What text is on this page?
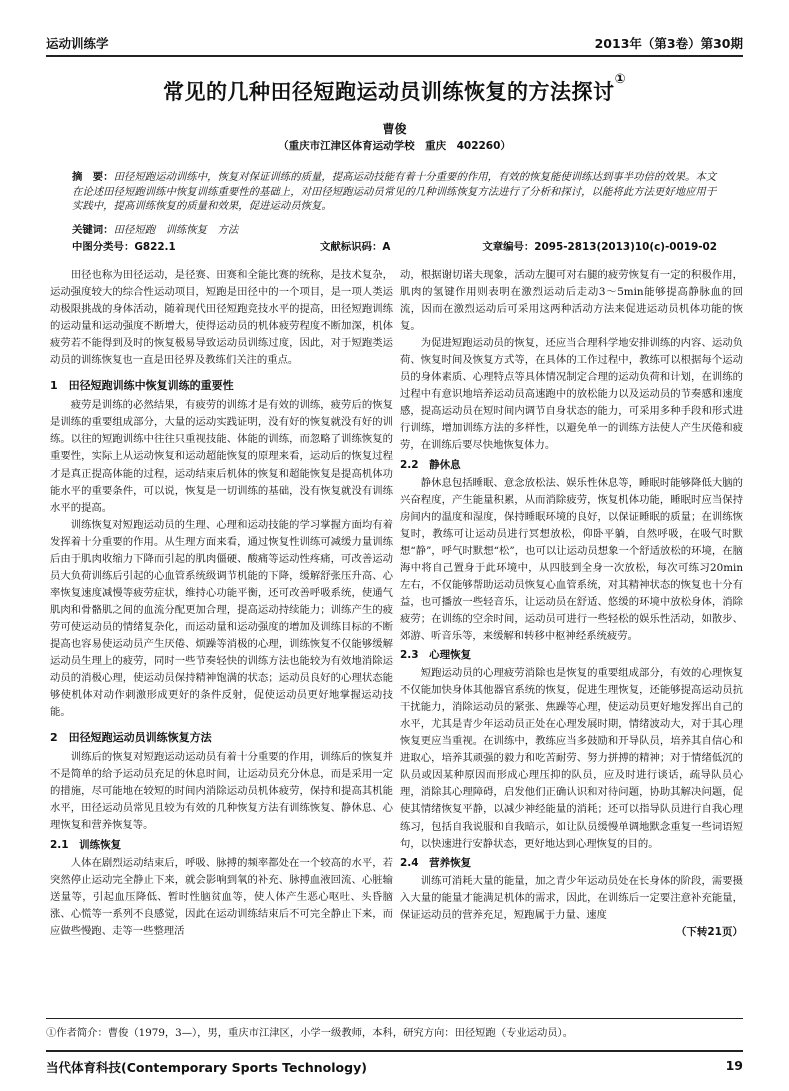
运动训练学	2013年（第3卷）第30期
常见的几种田径短跑运动员训练恢复的方法探讨①
曹俊
（重庆市江津区体育运动学校　重庆　402260）
摘　要：田径短跑运动训练中，恢复对保证训练的质量，提高运动技能有着十分重要的作用，有效的恢复能使训练达到事半功倍的效果。本文在论述田径短跑训练中恢复训练重要性的基础上，对田径短跑运动员常见的几种训练恢复方法进行了分析和探讨，以能将此方法更好地应用于实践中，提高训练恢复的质量和效果，促进运动员恢复。
关键词：田径短跑　训练恢复　方法
中图分类号：G822.1	文献标识码：A	文章编号：2095-2813(2013)10(c)-0019-02

田径也称为田径运动，是径赛、田赛和全能比赛的统称，是技术复杂，运动强度较大的综合性运动项目，短跑是田径中的一个项目，是一项人类运动极限挑战的身体活动，随着现代田径短跑竞技水平的提高，田径短跑训练的运动量和运动强度不断增大，使得运动员的机体疲劳程度不断加深，机体疲劳若不能得到及时的恢复极易导致运动员训练过度，因此，对于短跑类运动员的训练恢复也一直是田径界及教练们关注的重点。

1　田径短跑训练中恢复训练的重要性

疲劳是训练的必然结果，有疲劳的训练才是有效的训练，疲劳后的恢复是训练的重要组成部分，大量的运动实践证明，没有好的恢复就没有好的训练。以往的短跑训练中往往只重视技能、体能的训练，而忽略了训练恢复的重要性，实际上从运动恢复和运动超能恢复的原理来看，运动后的恢复过程才是真正提高体能的过程，运动结束后机体的恢复和超能恢复是提高机体功能水平的重要条件，可以说，恢复是一切训练的基础，没有恢复就没有训练水平的提高。

训练恢复对短跑运动员的生理、心理和运动技能的学习掌握方面均有着发挥着十分重要的作用。从生理方面来看，通过恢复性训练可减缓力量训练后由于肌肉收缩力下降而引起的肌肉僵硬、酸痛等运动性疼痛，可改善运动员大负荷训练后引起的心血管系统级调节机能的下降，缓解舒张压升高、心率恢复速度减慢等疲劳症状，维持心功能平衡，还可改善呼吸系统，使通气肌肉和骨骼肌之间的血流分配更加合理，提高运动持续能力；训练产生的疲劳可使运动员的情绪复杂化，而运动量和运动强度的增加及训练目标的不断提高也容易使运动员产生厌倦、烦躁等消极的心理，训练恢复不仅能够缓解运动员生理上的疲劳，同时一些节奏轻快的训练方法也能较为有效地消除运动员的消极心理，使运动员保持精神饱满的状态；运动员良好的心理状态能够使机体对动作刺激形成更好的条件反射，促使运动员更好地掌握运动技能。

2　田径短跑运动员训练恢复方法

训练后的恢复对短跑运动运动员有着十分重要的作用，训练后的恢复并不是简单的给予运动员充足的休息时间，让运动员充分休息，而是采用一定的措施，尽可能地在较短的时间内消除运动员机体疲劳，保持和提高其机能水平，田径运动员常见且较为有效的几种恢复方法有训练恢复、静休息、心理恢复和营养恢复等。

2.1　训练恢复

人体在剧烈运动结束后，呼吸、脉搏的频率都处在一个较高的水平，若突然停止运动完全静止下来，就会影响到氧的补充、脉搏血液回流、心脏输送量等，引起血压降低、暂时性脑贫血等，使人体产生恶心呕吐、头昏脑涨、心慌等一系列不良感觉，因此在运动训练结束后不可完全静止下来，而应做些慢跑、走等一些整理活

动，根据谢切诺夫现象，活动左腿可对右腿的疲劳恢复有一定的积极作用，肌肉的氢键作用则表明在激烈运动后走动3～5min能够提高静脉血的回流，因而在激烈运动后可采用这两种活动方法来促进运动员机体功能的恢复。

为促进短跑运动员的恢复，还应当合理科学地安排训练的内容、运动负荷、恢复时间及恢复方式等，在具体的工作过程中，教练可以根据每个运动员的身体素质、心理特点等具体情况制定合理的运动负荷和计划，在训练的过程中有意识地培养运动员高速跑中的放松能力以及运动员的节奏感和速度感，提高运动员在短时间内调节自身状态的能力，可采用多种手段和形式进行训练，增加训练方法的多样性，以避免单一的训练方法使人产生厌倦和疲劳，在训练后要尽快地恢复体力。

2.2　静休息

静休息包括睡眠、意念放松法、娱乐性休息等，睡眠时能够降低大脑的兴奋程度，产生能量积累，从而消除疲劳，恢复机体功能，睡眠时应当保持房间内的温度和湿度，保持睡眠环境的良好，以保证睡眠的质量；在训练恢复时，教练可让运动员进行冥想放松，仰卧平躺，自然呼吸，在吸气时默想“静”，呼气时默想“松”，也可以让运动员想象一个舒适放松的环境，在脑海中将自己置身于此环境中，从四肢到全身一次放松，每次可练习20min左右，不仅能够帮助运动员恢复心血管系统，对其精神状态的恢复也十分有益，也可播放一些轻音乐，让运动员在舒适、悠缓的环境中放松身体，消除疲劳；在训练的空余时间，运动员可进行一些轻松的娱乐性活动，如散步、郊游、听音乐等，来缓解和转移中枢神经系统疲劳。

2.3　心理恢复

短跑运动员的心理疲劳消除也是恢复的重要组成部分，有效的心理恢复不仅能加快身体其他器官系统的恢复，促进生理恢复，还能够提高运动员抗干扰能力，消除运动员的紧张、焦躁等心理，使运动员更好地发挥出自己的水平，尤其是青少年运动员正处在心理发展时期，情绪波动大，对于其心理恢复更应当重视。在训练中，教练应当多鼓励和开导队员，培养其自信心和进取心，培养其顽强的毅力和吃苦耐劳、努力拼搏的精神；对于情绪低沉的队员或因某种原因而形成心理压抑的队员，应及时进行谈话，疏导队员心理，消除其心理障碍，启发他们正确认识和对待问题，协助其解决问题，促使其情绪恢复平静，以减少神经能量的消耗；还可以指导队员进行自我心理练习，包括自我说服和自我暗示，如让队员缓慢单调地默念重复一些词语短句，以快速进行安静状态，更好地达到心理恢复的目的。

2.4　营养恢复

训练可消耗大量的能量，加之青少年运动员处在长身体的阶段，需要摄入大量的能量才能满足机体的需求，因此，在训练后一定要注意补充能量，保证运动员的营养充足，短跑属于力量、速度

（下转21页）
①作者简介：曹俊（1979，3—），男，重庆市江津区，小学一级教师，本科，研究方向：田径短跑（专业运动员）。
当代体育科技(Contemporary Sports Technology)	19
